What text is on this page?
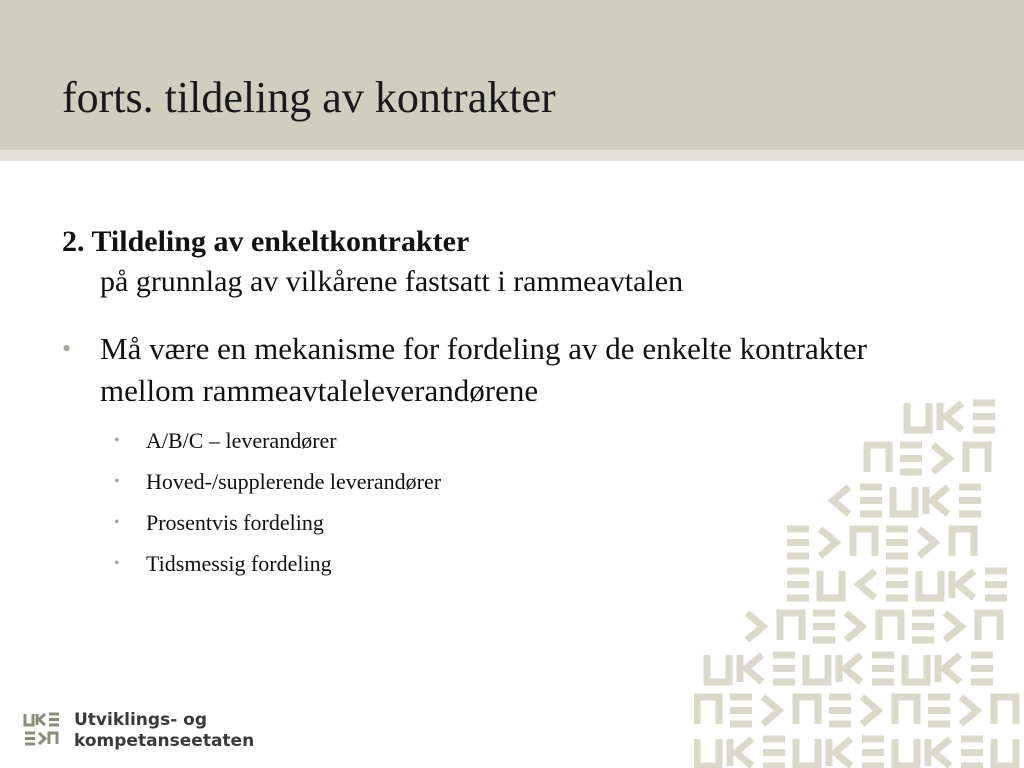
forts. tildeling av kontrakter
2. Tildeling av enkeltkontrakter
på grunnlag av vilkårene fastsatt i rammeavtalen
• Må være en mekanisme for fordeling av de enkelte kontrakter mellom rammeavtaleleverandørene
• A/B/C – leverandører
• Hoved-/supplerende leverandører
• Prosentvis fordeling
• Tidsmessig fordeling
Utviklings- og
kompetanseetaten
